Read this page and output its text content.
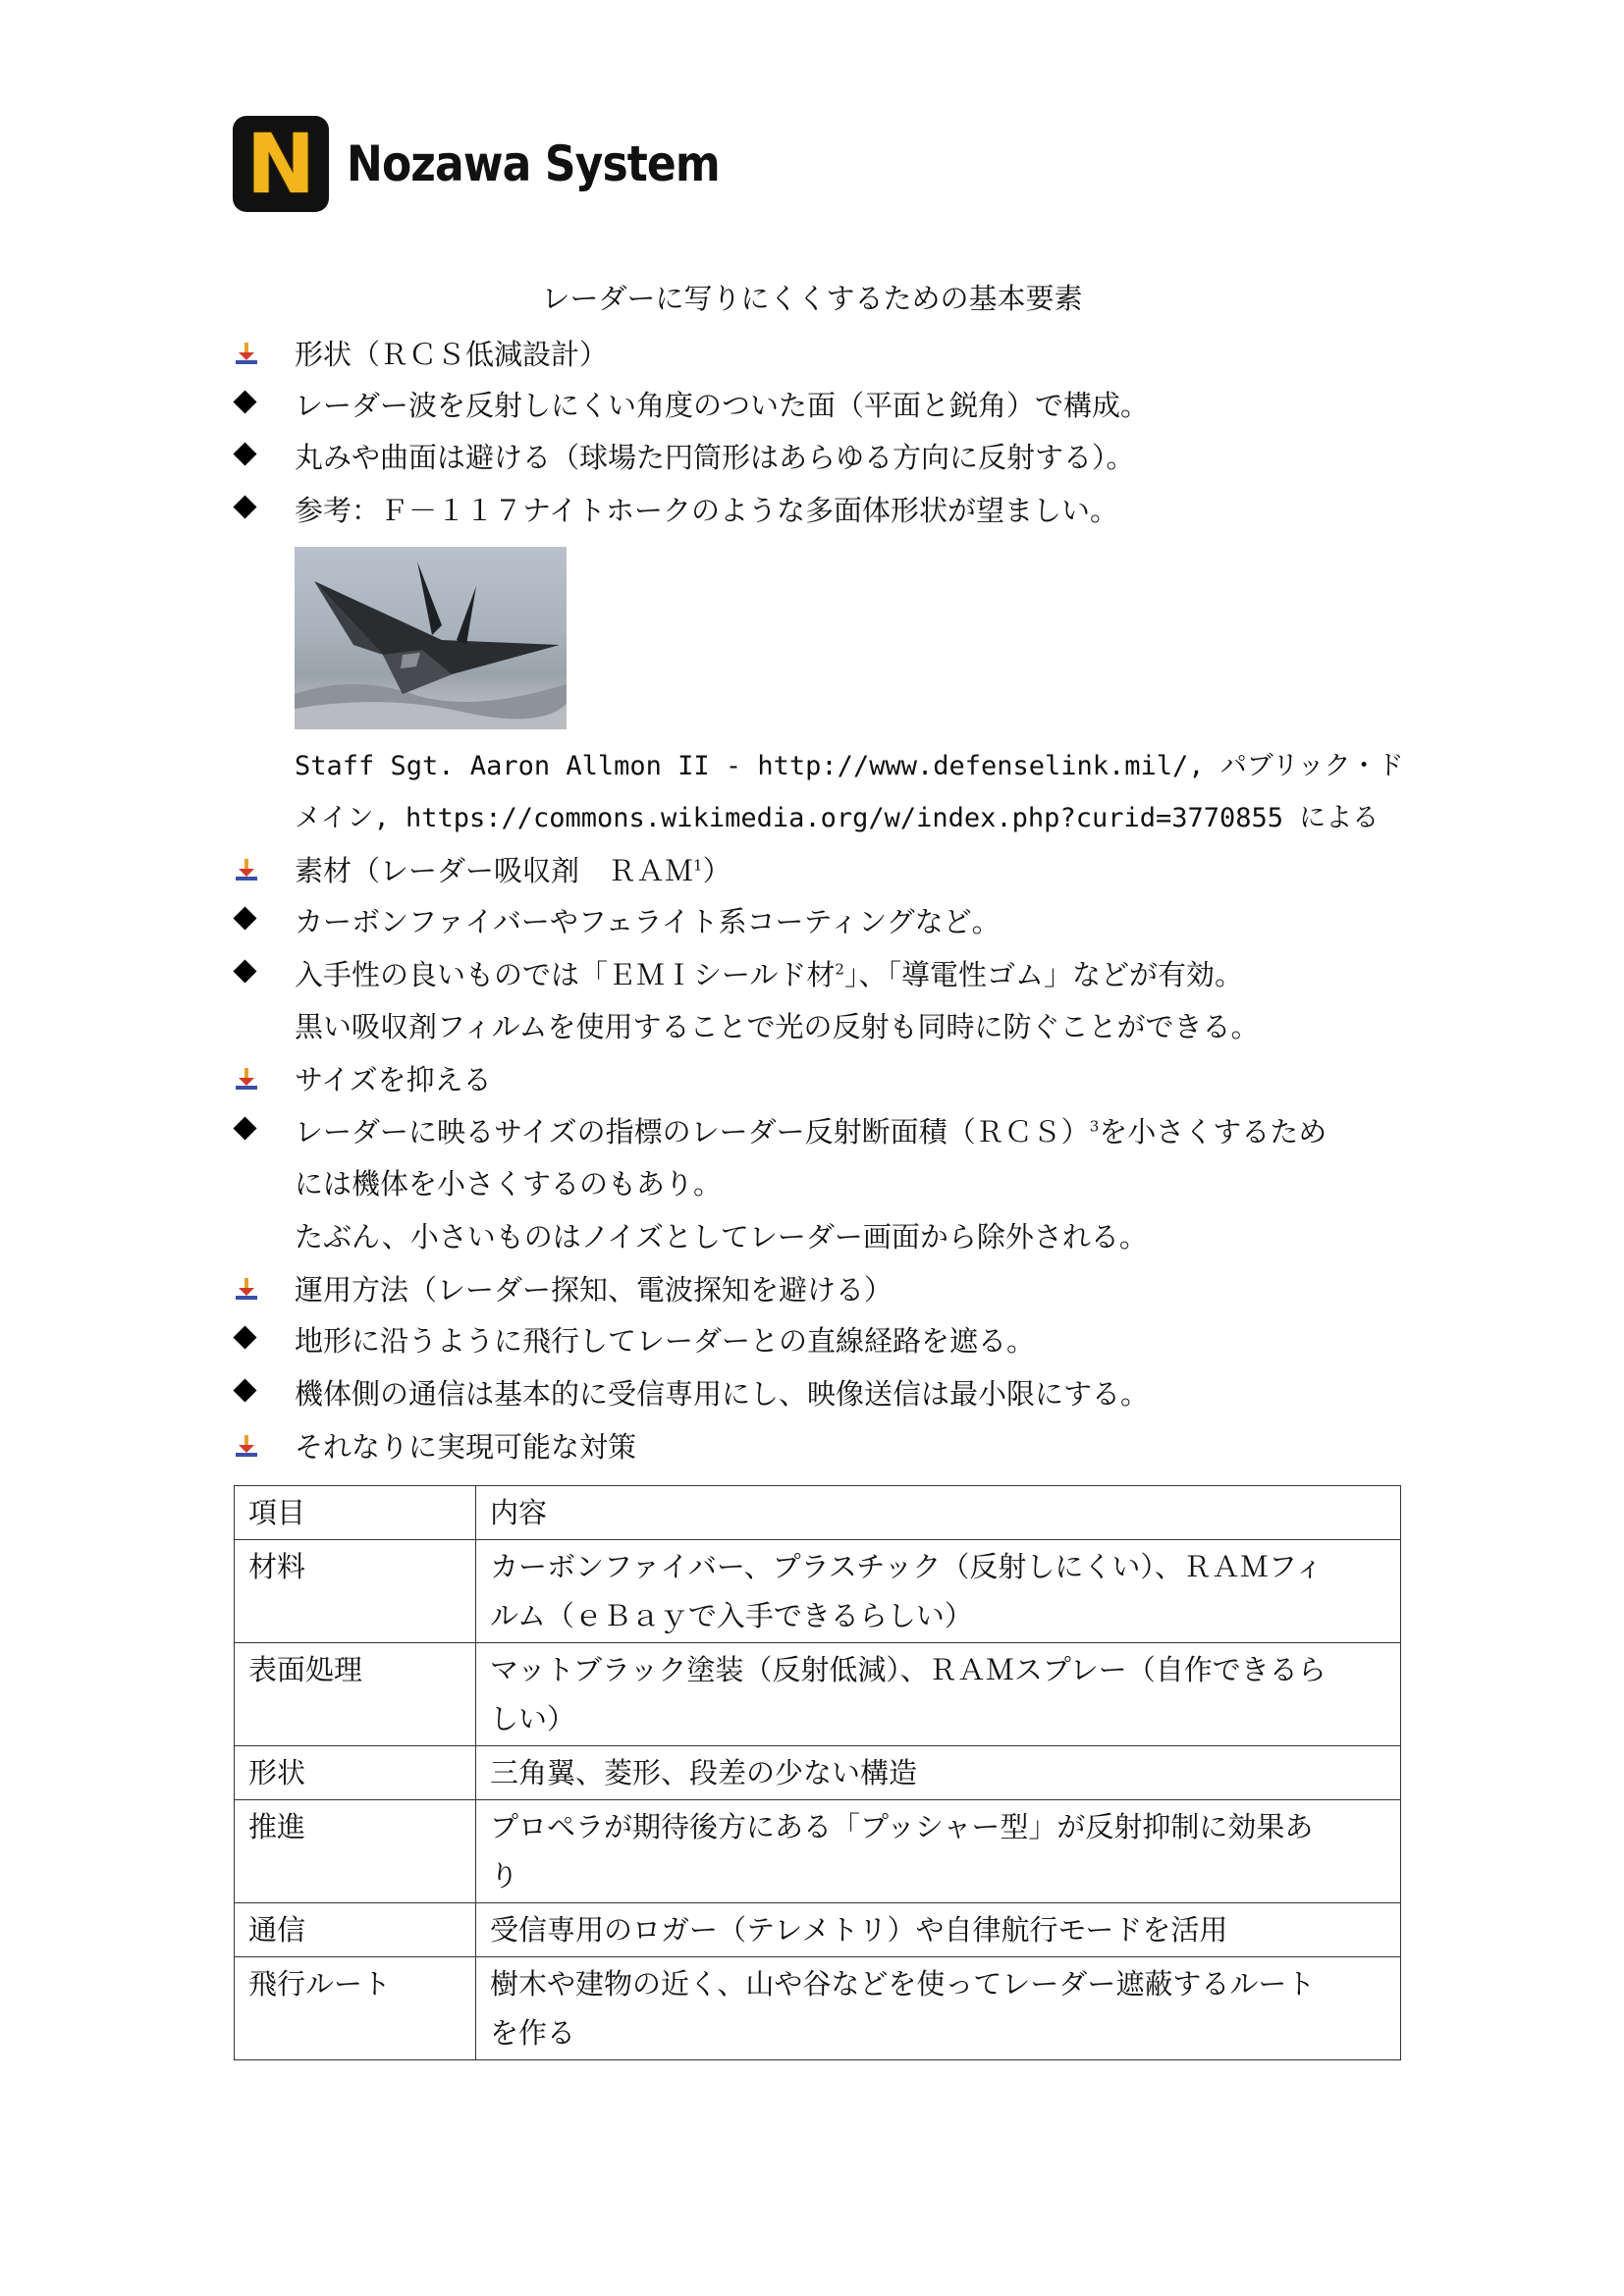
N Nozawa System
レーダーに写りにくくするための基本要素
形状（ＲＣＳ低減設計）
レーダー波を反射しにくい角度のついた面（平面と鋭角）で構成。
丸みや曲面は避ける（球場た円筒形はあらゆる方向に反射する）。
参考：Ｆ－１１７ナイトホークのような多面体形状が望ましい。
Staff Sgt. Aaron Allmon II - http://www.defenselink.mil/, パブリック・ド
メイン, https://commons.wikimedia.org/w/index.php?curid=3770855 による
素材（レーダー吸収剤　ＲＡＭ$^1$）
カーボンファイバーやフェライト系コーティングなど。
入手性の良いものでは「ＥＭＩシールド材$^2$」、「導電性ゴム」などが有効。
黒い吸収剤フィルムを使用することで光の反射も同時に防ぐことができる。
サイズを抑える
レーダーに映るサイズの指標のレーダー反射断面積（ＲＣＳ）$^3$を小さくするため
には機体を小さくするのもあり。
たぶん、小さいものはノイズとしてレーダー画面から除外される。
運用方法（レーダー探知、電波探知を避ける）
地形に沿うように飛行してレーダーとの直線経路を遮る。
機体側の通信は基本的に受信専用にし、映像送信は最小限にする。
それなりに実現可能な対策
項目	内容
材料	カーボンファイバー、プラスチック（反射しにくい）、ＲＡＭフィ
ルム（ｅＢａｙで入手できるらしい）

表面処理	マットブラック塗装（反射低減）、ＲＡＭスプレー（自作できるら
しい）

形状	三角翼、菱形、段差の少ない構造

推進	プロペラが期待後方にある「プッシャー型」が反射抑制に効果あ
り

通信	受信専用のロガー（テレメトリ）や自律航行モードを活用

飛行ルート	樹木や建物の近く、山や谷などを使ってレーダー遮蔽するルート
を作る
